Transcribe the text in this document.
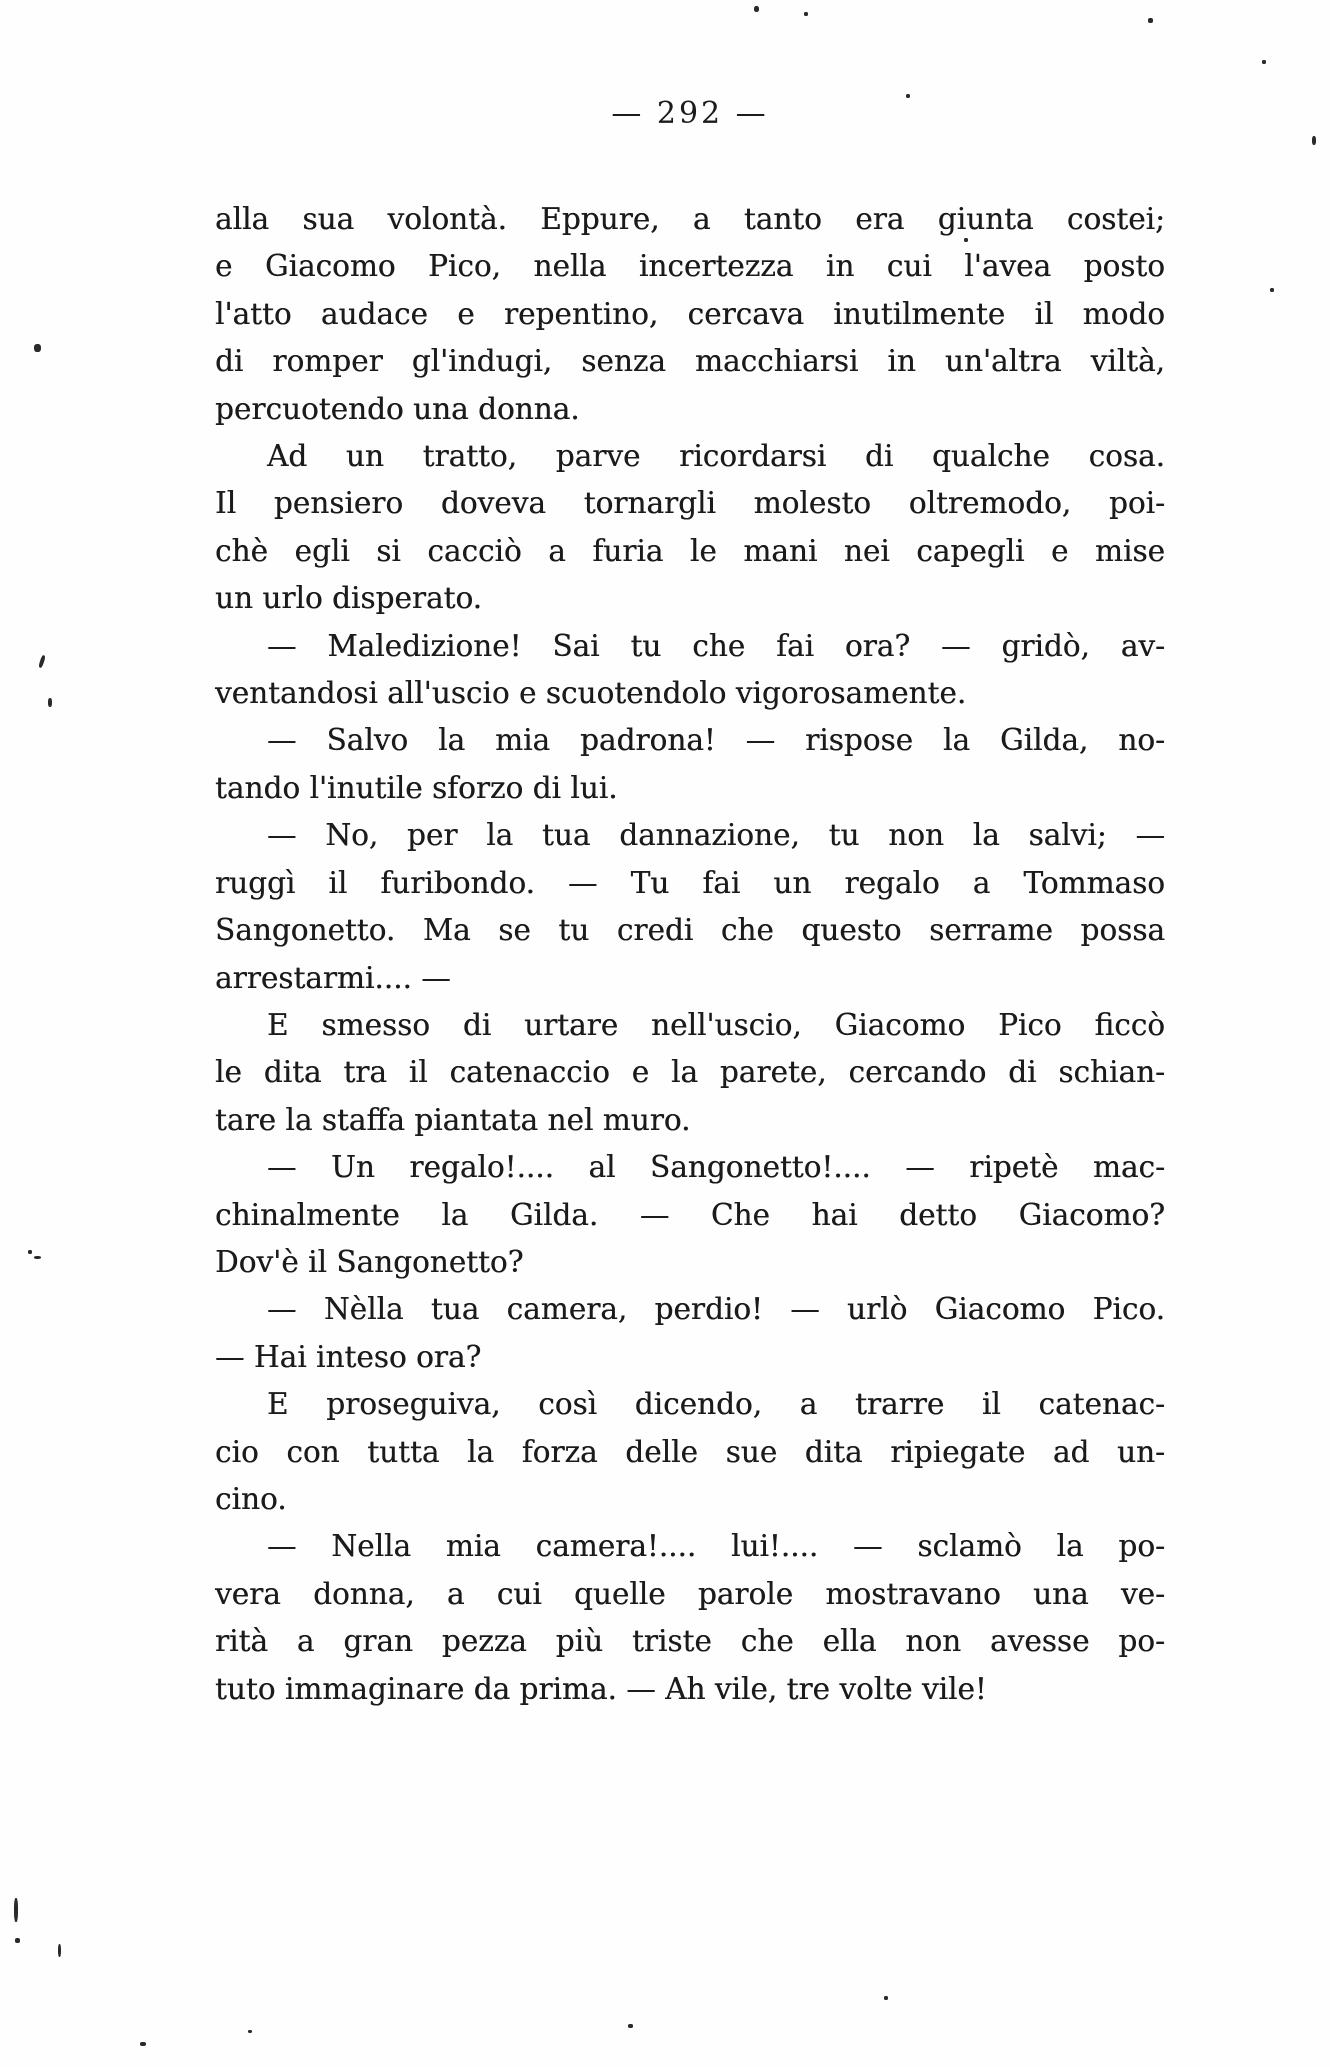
— 292 —
alla sua volontà. Eppure, a tanto era giunta costei;
e Giacomo Pico, nella incertezza in cui l'avea posto
l'atto audace e repentino, cercava inutilmente il modo
di romper gl'indugi, senza macchiarsi in un'altra viltà,
percuotendo una donna.
Ad un tratto, parve ricordarsi di qualche cosa.
Il pensiero doveva tornargli molesto oltremodo, poi-
chè egli si cacciò a furia le mani nei capegli e mise
un urlo disperato.
— Maledizione! Sai tu che fai ora? — gridò, av-
ventandosi all'uscio e scuotendolo vigorosamente.
— Salvo la mia padrona! — rispose la Gilda, no-
tando l'inutile sforzo di lui.
— No, per la tua dannazione, tu non la salvi; —
ruggì il furibondo. — Tu fai un regalo a Tommaso
Sangonetto. Ma se tu credi che questo serrame possa
arrestarmi.... —
E smesso di urtare nell'uscio, Giacomo Pico ficcò
le dita tra il catenaccio e la parete, cercando di schian-
tare la staffa piantata nel muro.
— Un regalo!.... al Sangonetto!.... — ripetè mac-
chinalmente la Gilda. — Che hai detto Giacomo?
Dov'è il Sangonetto?
— Nèlla tua camera, perdio! — urlò Giacomo Pico.
— Hai inteso ora?
E proseguiva, così dicendo, a trarre il catenac-
cio con tutta la forza delle sue dita ripiegate ad un-
cino.
— Nella mia camera!.... lui!.... — sclamò la po-
vera donna, a cui quelle parole mostravano una ve-
rità a gran pezza più triste che ella non avesse po-
tuto immaginare da prima. — Ah vile, tre volte vile!
